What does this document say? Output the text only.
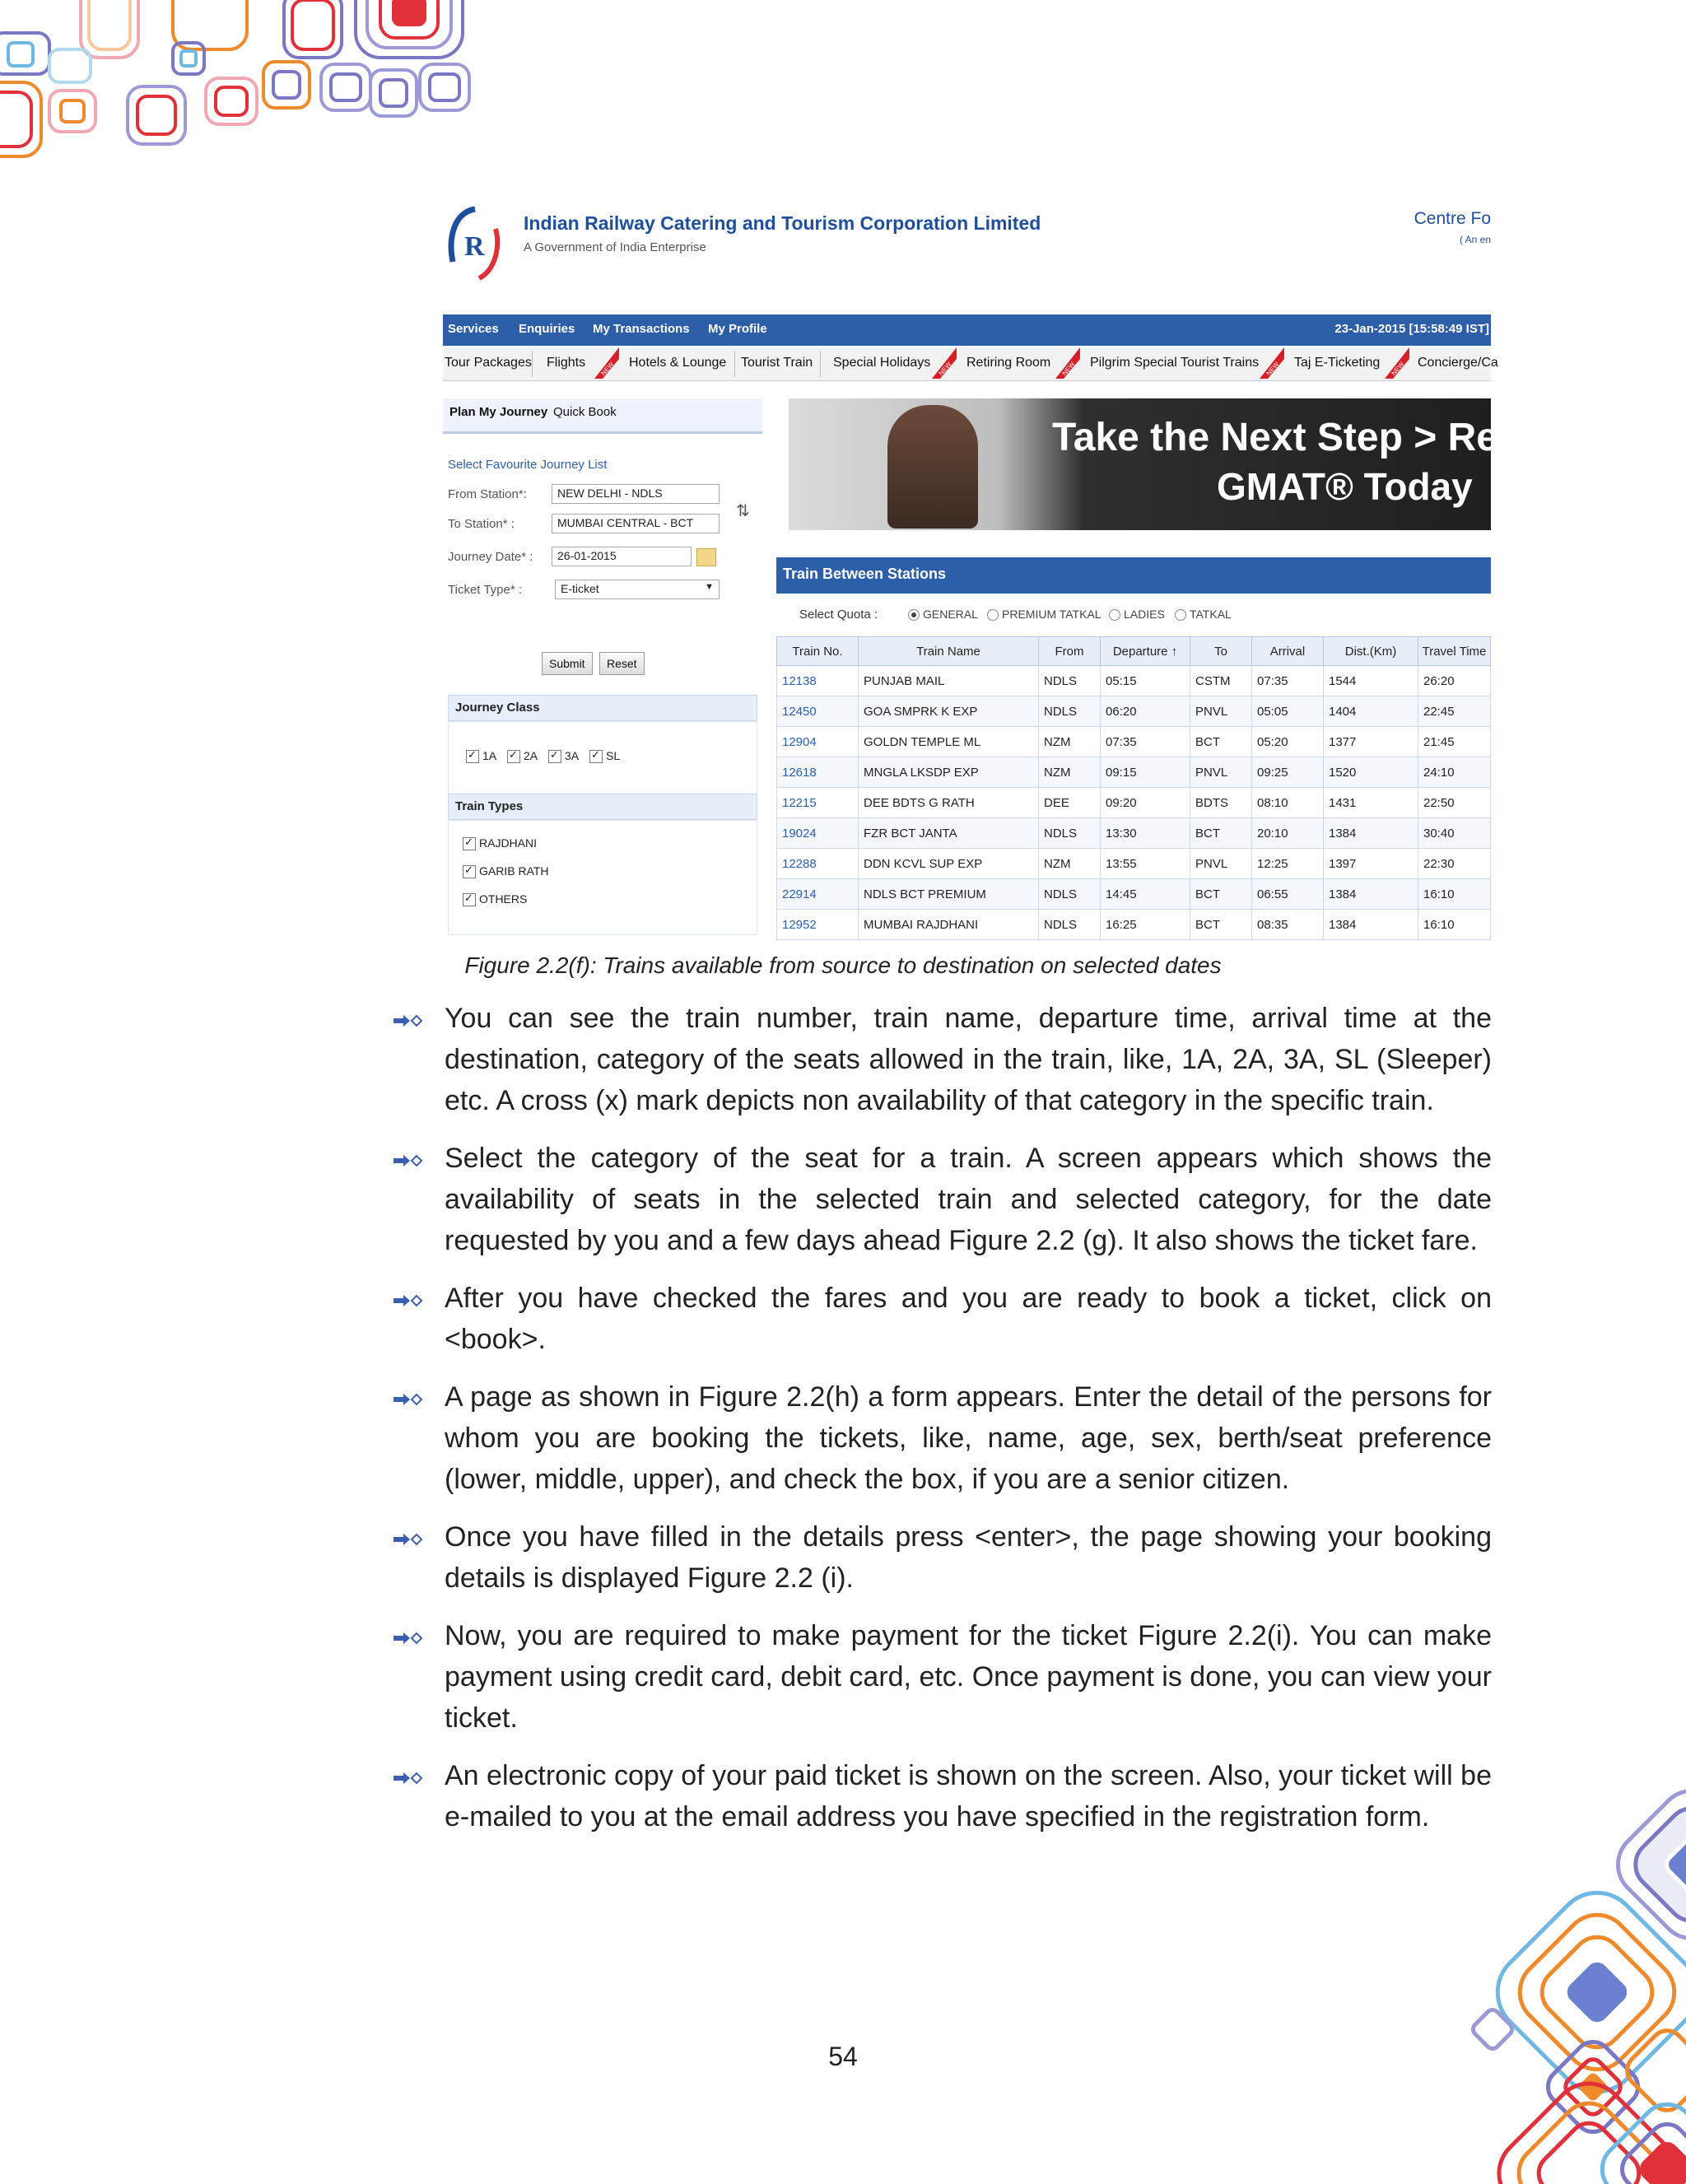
R
Indian Railway Catering and Tourism Corporation Limited
A Government of India Enterprise
Centre Fo
( An en
Services Enquiries My Transactions My Profile	23-Jan-2015 [15:58:49 IST]
Tour Packages Flights NEW Hotels & Lounge Tourist Train Special Holidays NEW Retiring Room NEW Pilgrim Special Tourist Trains NEW Taj E-Ticketing NEW Concierge/Ca
Plan My Journey Quick Book
Select Favourite Journey List
From Station*:	NEW DELHI - NDLS
⇅
To Station* :	MUMBAI CENTRAL - BCT
Journey Date* :	26-01-2015
Ticket Type* :	E-ticket	▼
Submit	Reset
Journey Class
✓1A ✓	2A ✓	3A ✓	SL
Train Types
✓RAJDHANI
✓GARIB RATH
✓OTHERS
Take the Next Step > Regist
GMAT® Today
Train Between Stations
Select Quota :	GENERAL	PREMIUM TATKAL	LADIES	TATKAL
Train No.	Train Name	From	Departure ↑	To	Arrival	Dist.(Km)	Travel Time
12138	PUNJAB MAIL	NDLS	05:15	CSTM	07:35	1544	26:20
12450	GOA SMPRK K EXP	NDLS	06:20	PNVL	05:05	1404	22:45
12904	GOLDN TEMPLE ML	NZM	07:35	BCT	05:20	1377	21:45
12618	MNGLA LKSDP EXP	NZM	09:15	PNVL	09:25	1520	24:10
12215	DEE BDTS G RATH	DEE	09:20	BDTS	08:10	1431	22:50
19024	FZR BCT JANTA	NDLS	13:30	BCT	20:10	1384	30:40
12288	DDN KCVL SUP EXP	NZM	13:55	PNVL	12:25	1397	22:30
22914	NDLS BCT PREMIUM	NDLS	14:45	BCT	06:55	1384	16:10
12952	MUMBAI RAJDHANI	NDLS	16:25	BCT	08:35	1384	16:10
Figure 2.2(f): Trains available from source to destination on selected dates
You can see the train number, train name, departure time, arrival time at the destination, category of the seats allowed in the train, like, 1A, 2A, 3A, SL (Sleeper) etc. A cross (x) mark depicts non availability of that category in the specific train.
Select the category of the seat for a train. A screen appears which shows the availability of seats in the selected train and selected category, for the date requested by you and a few days ahead Figure 2.2 (g). It also shows the ticket fare.
After you have checked the fares and you are ready to book a ticket, click on <book>.
A page as shown in Figure 2.2(h) a form appears. Enter the detail of the persons for whom you are booking the tickets, like, name, age, sex, berth/seat preference (lower, middle, upper), and check the box, if you are a senior citizen.
Once you have filled in the details press <enter>, the page showing your booking details is displayed Figure 2.2 (i).
Now, you are required to make payment for the ticket Figure 2.2(i). You can make payment using credit card, debit card, etc. Once payment is done, you can view your ticket.
An electronic copy of your paid ticket is shown on the screen. Also, your ticket will be e-mailed to you at the email address you have specified in the registration form.
54
